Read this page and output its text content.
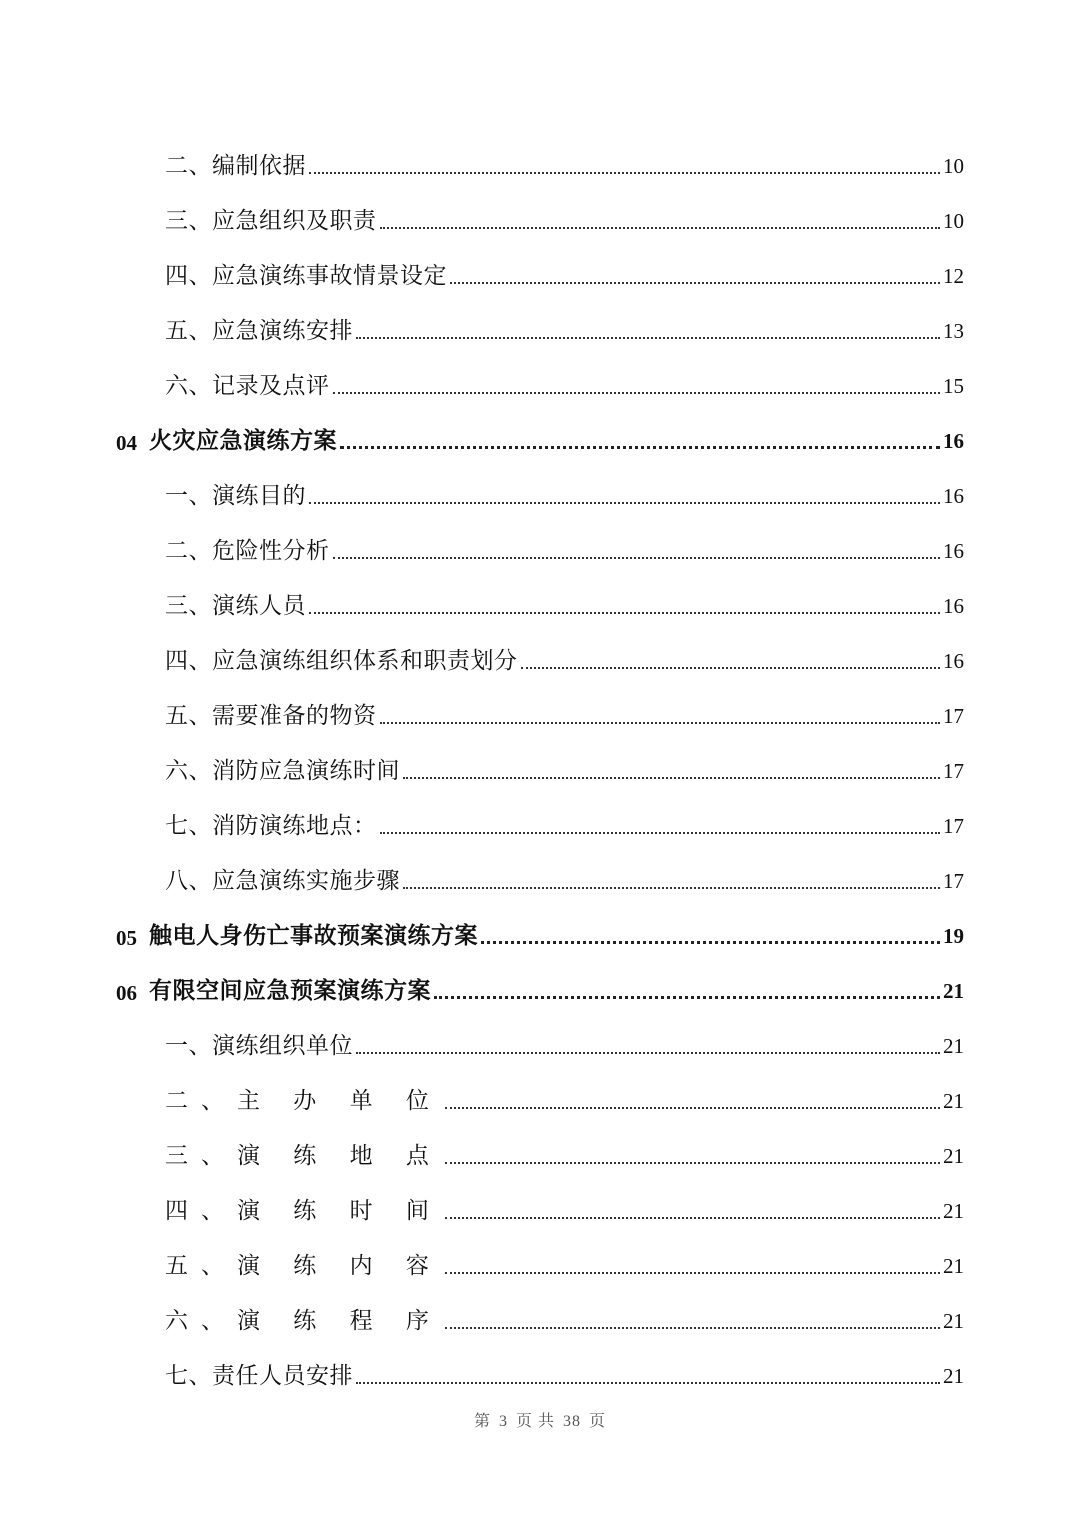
二、编制依据	10
三、应急组织及职责	10
四、应急演练事故情景设定	12
五、应急演练安排	13
六、记录及点评	15
04 火灾应急演练方案	16
一、演练目的	16
二、危险性分析	16
三、演练人员	16
四、应急演练组织体系和职责划分	16
五、需要准备的物资	17
六、消防应急演练时间	17
七、消防演练地点：	17
八、应急演练实施步骤	17
05 触电人身伤亡事故预案演练方案	19
06 有限空间应急预案演练方案	21
一、演练组织单位	21
二、主 办 单 位	21
三、演 练 地 点	21
四、演 练 时 间	21
五、演 练 内 容	21
六、演 练 程 序	21
七、责任人员安排	21
第 3 页 共 38 页
